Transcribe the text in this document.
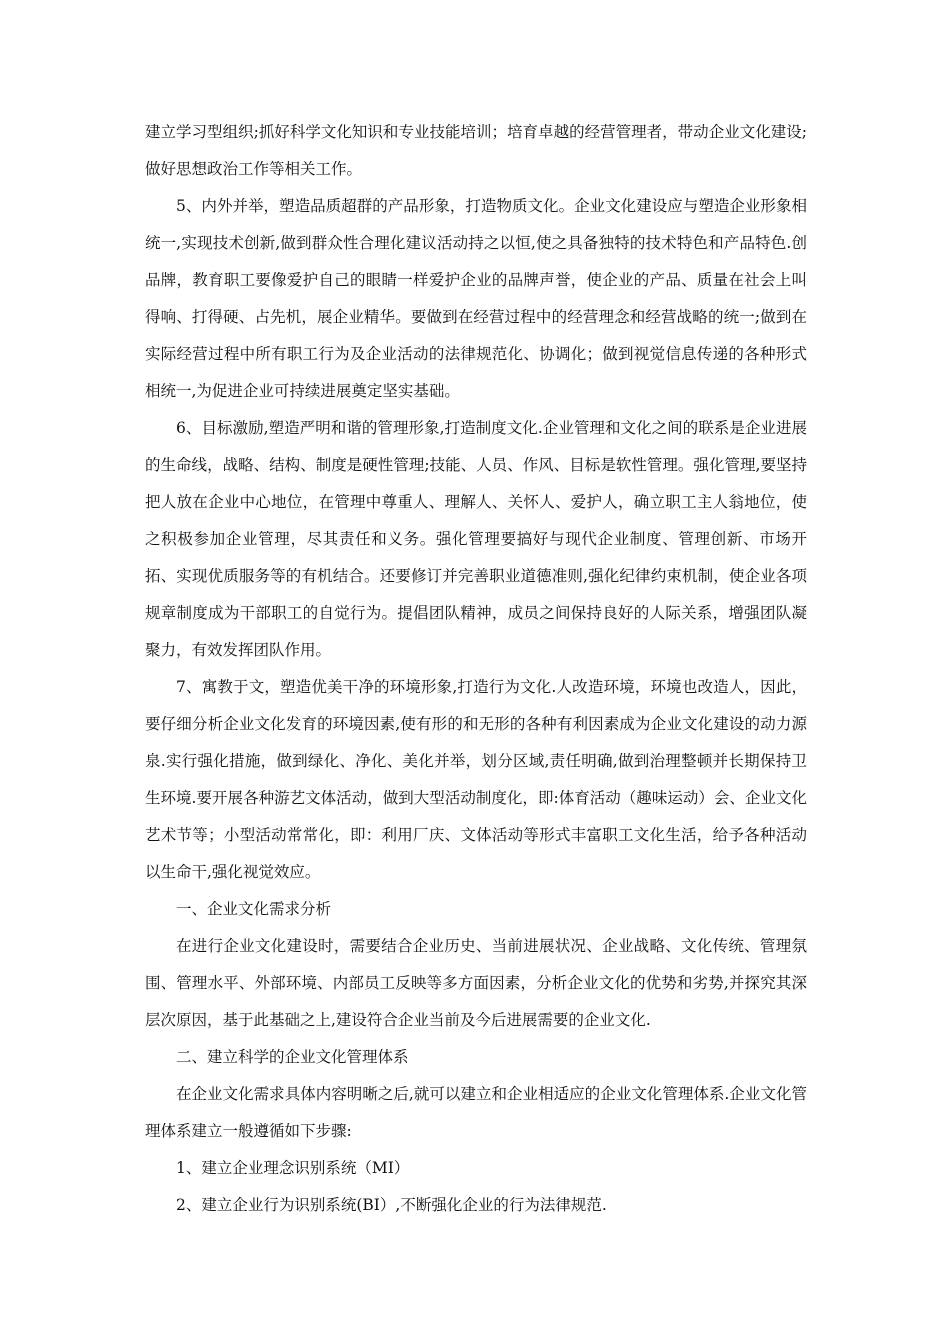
建立学习型组织;抓好科学文化知识和专业技能培训；培育卓越的经营管理者，带动企业文化建设;做好思想政治工作等相关工作。

5、内外并举，塑造品质超群的产品形象，打造物质文化。企业文化建设应与塑造企业形象相统一,实现技术创新,做到群众性合理化建议活动持之以恒,使之具备独特的技术特色和产品特色.创品牌，教育职工要像爱护自己的眼睛一样爱护企业的品牌声誉，使企业的产品、质量在社会上叫得响、打得硬、占先机，展企业精华。要做到在经营过程中的经营理念和经营战略的统一;做到在实际经营过程中所有职工行为及企业活动的法律规范化、协调化；做到视觉信息传递的各种形式相统一,为促进企业可持续进展奠定坚实基础。

6、目标激励,塑造严明和谐的管理形象,打造制度文化.企业管理和文化之间的联系是企业进展的生命线，战略、结构、制度是硬性管理;技能、人员、作风、目标是软性管理。强化管理,要坚持把人放在企业中心地位，在管理中尊重人、理解人、关怀人、爱护人，确立职工主人翁地位，使之积极参加企业管理，尽其责任和义务。强化管理要搞好与现代企业制度、管理创新、市场开拓、实现优质服务等的有机结合。还要修订并完善职业道德准则,强化纪律约束机制，使企业各项规章制度成为干部职工的自觉行为。提倡团队精神，成员之间保持良好的人际关系，增强团队凝聚力，有效发挥团队作用。

7、寓教于文，塑造优美干净的环境形象,打造行为文化.人改造环境，环境也改造人，因此，要仔细分析企业文化发育的环境因素,使有形的和无形的各种有利因素成为企业文化建设的动力源泉.实行强化措施，做到绿化、净化、美化并举，划分区域,责任明确,做到治理整顿并长期保持卫生环境.要开展各种游艺文体活动，做到大型活动制度化，即:体育活动（趣味运动）会、企业文化艺术节等；小型活动常常化，即：利用厂庆、文体活动等形式丰富职工文化生活，给予各种活动以生命干,强化视觉效应。

一、企业文化需求分析

在进行企业文化建设时，需要结合企业历史、当前进展状况、企业战略、文化传统、管理氛围、管理水平、外部环境、内部员工反映等多方面因素，分析企业文化的优势和劣势,并探究其深层次原因，基于此基础之上,建设符合企业当前及今后进展需要的企业文化.

二、建立科学的企业文化管理体系

在企业文化需求具体内容明晰之后,就可以建立和企业相适应的企业文化管理体系.企业文化管理体系建立一般遵循如下步骤:

1、建立企业理念识别系统（MI）

2、建立企业行为识别系统(BI）,不断强化企业的行为法律规范.
